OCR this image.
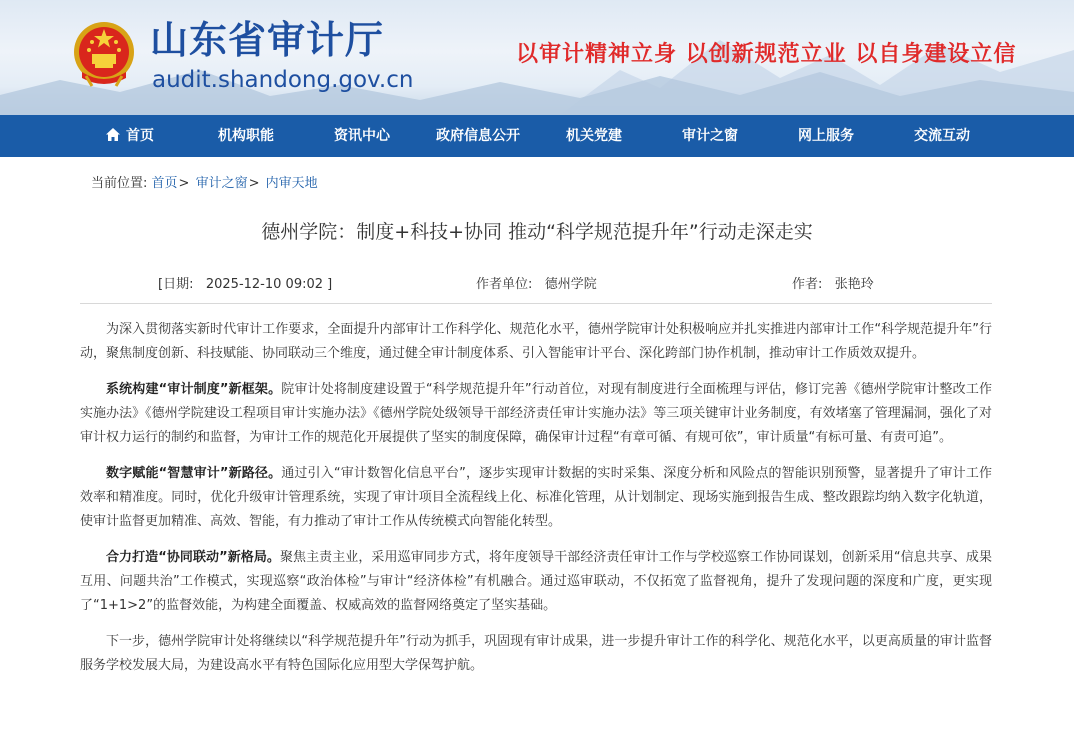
山东省审计厅
audit.shandong.gov.cn
以审计精神立身 以创新规范立业 以自身建设立信
首页	机构职能	资讯中心	政府信息公开	机关党建	审计之窗	网上服务	交流互动
当前位置: 首页> 审计之窗> 内审天地
德州学院：制度+科技+协同 推动“科学规范提升年”行动走深走实
[日期: 2025-12-10 09:02 ]	作者单位: 德州学院	作者: 张艳玲

为深入贯彻落实新时代审计工作要求，全面提升内部审计工作科学化、规范化水平，德州学院审计处积极响应并扎实推进内部审计工作“科学规范提升年”行动，聚焦制度创新、科技赋能、协同联动三个维度，通过健全审计制度体系、引入智能审计平台、深化跨部门协作机制，推动审计工作质效双提升。

系统构建“审计制度”新框架。院审计处将制度建设置于“科学规范提升年”行动首位，对现有制度进行全面梳理与评估，修订完善《德州学院审计整改工作实施办法》《德州学院建设工程项目审计实施办法》《德州学院处级领导干部经济责任审计实施办法》等三项关键审计业务制度，有效堵塞了管理漏洞，强化了对审计权力运行的制约和监督，为审计工作的规范化开展提供了坚实的制度保障，确保审计过程“有章可循、有规可依”，审计质量“有标可量、有责可追”。

数字赋能“智慧审计”新路径。通过引入“审计数智化信息平台”，逐步实现审计数据的实时采集、深度分析和风险点的智能识别预警，显著提升了审计工作效率和精准度。同时，优化升级审计管理系统，实现了审计项目全流程线上化、标准化管理，从计划制定、现场实施到报告生成、整改跟踪均纳入数字化轨道，使审计监督更加精准、高效、智能，有力推动了审计工作从传统模式向智能化转型。

合力打造“协同联动”新格局。聚焦主责主业，采用巡审同步方式，将年度领导干部经济责任审计工作与学校巡察工作协同谋划，创新采用“信息共享、成果互用、问题共治”工作模式，实现巡察“政治体检”与审计“经济体检”有机融合。通过巡审联动，不仅拓宽了监督视角，提升了发现问题的深度和广度，更实现了“1+1>2”的监督效能，为构建全面覆盖、权威高效的监督网络奠定了坚实基础。

下一步，德州学院审计处将继续以“科学规范提升年”行动为抓手，巩固现有审计成果，进一步提升审计工作的科学化、规范化水平，以更高质量的审计监督服务学校发展大局，为建设高水平有特色国际化应用型大学保驾护航。
